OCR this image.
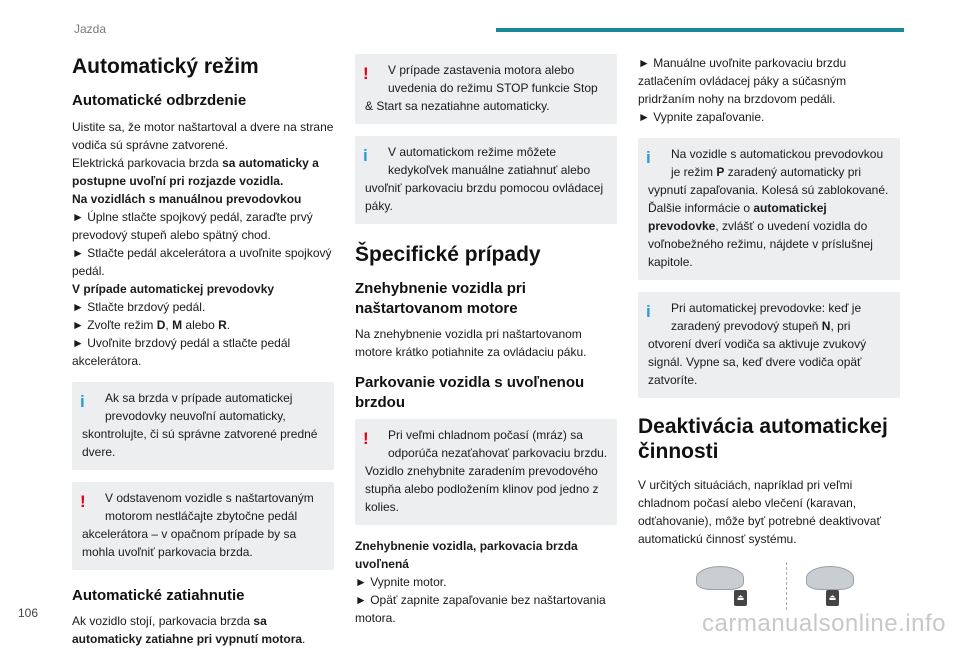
Jazda
Automatický režim
Automatické odbrzdenie

Uistite sa, že motor naštartoval a dvere na strane vodiča sú správne zatvorené.

Elektrická parkovacia brzda sa automaticky a postupne uvoľní pri rozjazde vozidla.

Na vozidlách s manuálnou prevodovkou

► Úplne stlačte spojkový pedál, zaraďte prvý prevodový stupeň alebo spätný chod.

► Stlačte pedál akcelerátora a uvoľnite spojkový pedál.

V prípade automatickej prevodovky

► Stlačte brzdový pedál.

► Zvoľte režim D, M alebo R.

► Uvoľnite brzdový pedál a stlačte pedál akcelerátora.

i	Ak sa brzda v prípade automatickej prevodovky neuvoľní automaticky,
skontrolujte, či sú správne zatvorené predné dvere.
!	V odstavenom vozidle s naštartovaným motorom nestláčajte zbytočne pedál
akcelerátora – v opačnom prípade by sa mohla uvoľniť parkovacia brzda.
Automatické zatiahnutie

Ak vozidlo stojí, parkovacia brzda sa automaticky zatiahne pri vypnutí motora.

!	V prípade zastavenia motora alebo uvedenia do režimu STOP funkcie Stop
& Start sa nezatiahne automaticky.
i	V automatickom režime môžete kedykoľvek manuálne zatiahnuť alebo
uvoľniť parkovaciu brzdu pomocou ovládacej páky.
Špecifické prípady
Znehybnenie vozidla pri naštartovanom motore

Na znehybnenie vozidla pri naštartovanom motore krátko potiahnite za ovládaciu páku.

Parkovanie vozidla s uvoľnenou brzdou
!	Pri veľmi chladnom počasí (mráz) sa odporúča nezaťahovať parkovaciu brzdu.
Vozidlo znehybnite zaradením prevodového stupňa alebo podložením klinov pod jedno z kolies.

Znehybnenie vozidla, parkovacia brzda uvoľnená

► Vypnite motor.

► Opäť zapnite zapaľovanie bez naštartovania motora.

► Manuálne uvoľnite parkovaciu brzdu zatlačením ovládacej páky a súčasným pridržaním nohy na brzdovom pedáli.

► Vypnite zapaľovanie.

i	Na vozidle s automatickou prevodovkou je režim P zaradený automaticky pri
vypnutí zapaľovania. Kolesá sú zablokované. Ďalšie informácie o automatickej prevodovke, zvlášť o uvedení vozidla do voľnobežného režimu, nájdete v príslušnej kapitole.
i	Pri automatickej prevodovke: keď je zaradený prevodový stupeň N, pri
otvorení dverí vodiča sa aktivuje zvukový signál. Vypne sa, keď dvere vodiča opäť zatvoríte.
Deaktivácia automatickej činnosti

V určitých situáciách, napríklad pri veľmi chladnom počasí alebo vlečení (karavan, odťahovanie), môže byť potrebné deaktivovať automatickú činnosť systému.

⏏	⏏
106	carmanualsonline.info
